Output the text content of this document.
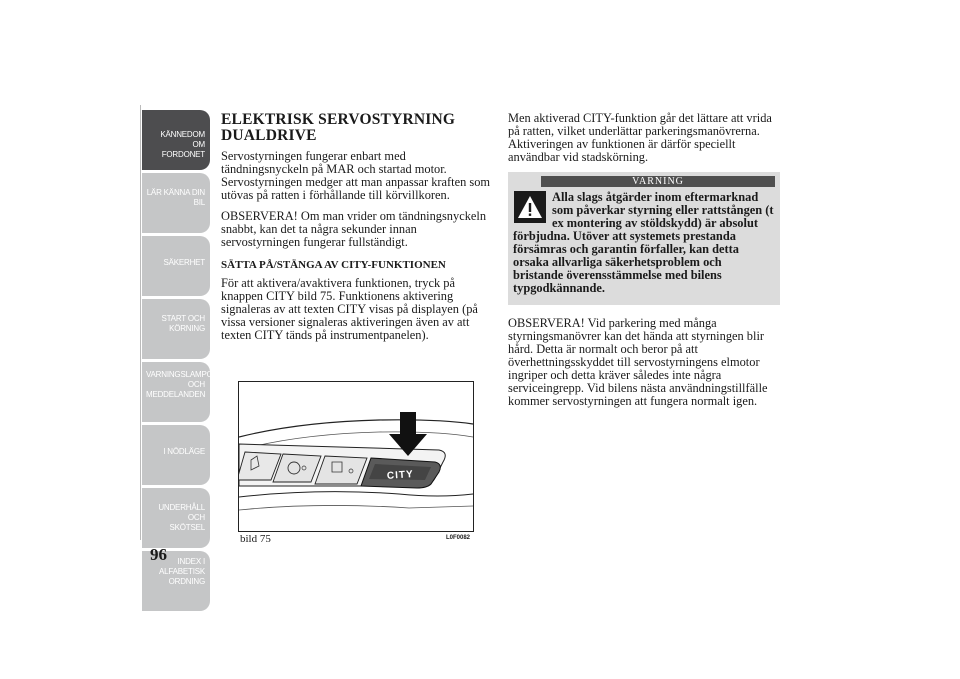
KÄNNEDOM OM
FORDONET
LÄR KÄNNA DIN
BIL
SÄKERHET
START OCH
KÖRNING
VARNINGSLAMPOR
OCH
MEDDELANDEN
I NÖDLÄGE
UNDERHÅLL OCH
SKÖTSEL
INDEX I
ALFABETISK
ORDNING
96
ELEKTRISK SERVOSTYRNING
DUALDRIVE

Servostyrningen fungerar enbart med tändningsnyckeln på MAR och startad motor. Servostyrningen medger att man anpassar kraften som utövas på ratten i förhållande till körvillkoren.

OBSERVERA! Om man vrider om tändningsnyckeln snabbt, kan det ta några sekunder innan servostyrningen fungerar fullständigt.

SÄTTA PÅ/STÄNGA AV CITY-FUNKTIONEN

För att aktivera/avaktivera funktionen, tryck på knappen CITY bild 75. Funktionens aktivering signaleras av att texten CITY visas på displayen (på vissa versioner signaleras aktiveringen även av att texten CITY tänds på instrumentpanelen).

CITY
bild 75	L0F0082

Men aktiverad CITY-funktion går det lättare att vrida på ratten, vilket underlättar parkeringsmanövrerna. Aktiveringen av funktionen är därför speciellt användbar vid stadskörning.

VARNING
Alla slags åtgärder inom eftermarknad som påverkar styrning eller rattstången (t ex montering av stöldskydd) är absolut förbjudna. Utöver att systemets prestanda försämras och garantin förfaller, kan detta orsaka allvarliga säkerhetsproblem och bristande överensstämmelse med bilens typgodkännande.

OBSERVERA! Vid parkering med många styrningsmanövrer kan det hända att styrningen blir hård. Detta är normalt och beror på att överhettningsskyddet till servostyrningens elmotor ingriper och detta kräver således inte några serviceingrepp. Vid bilens nästa användningstillfälle kommer servostyrningen att fungera normalt igen.
